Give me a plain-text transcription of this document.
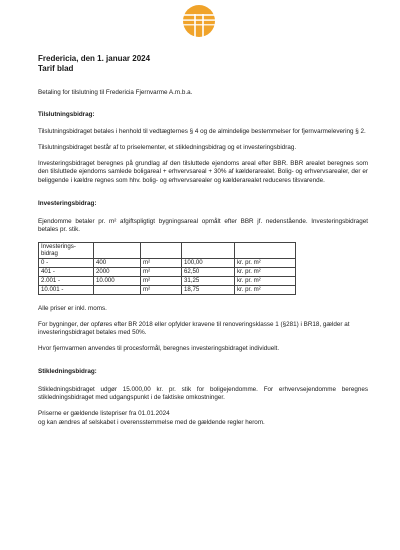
Fredericia, den 1. januar 2024
Tarif blad

Betaling for tilslutning til Fredericia Fjernvarme A.m.b.a.

Tilslutningsbidrag:

Tilslutningsbidraget betales i henhold til vedtægternes § 4 og de almindelige bestemmelser for fjernvarmelevering § 2.

Tilslutningsbidraget består af to priselementer, et stikledningsbidrag og et investeringsbidrag.

Investeringsbidraget beregnes på grundlag af den tilsluttede ejendoms areal efter BBR. BBR arealet beregnes som den tilsluttede ejendoms samlede boligareal + erhvervsareal + 30% af kælderarealet. Bolig- og erhvervsarealer, der er beliggende i kældre regnes som hhv. bolig- og erhvervsarealer og kælderarealet reduceres tilsvarende.

Investeringsbidrag:

Ejendomme betaler pr. m² afgiftspligtigt bygningsareal opmålt efter BBR jf. nedenstående. Investeringsbidraget betales pr. stik.

Investerings-bidrag				
0 -	400	m²	100,00	kr. pr. m²
401 -	2000	m²	62,50	kr. pr. m²
2.001 -	10.000	m²	31,25	kr. pr. m²
10.001 -		m²	18,75	kr. pr. m²

Alle priser er inkl. moms.

For bygninger, der opføres efter BR 2018 eller opfylder kravene til renoveringsklasse 1 (§281) i BR18, gælder at investeringsbidraget betales med 50%.

Hvor fjernvarmen anvendes til procesformål, beregnes investeringsbidraget individuelt.

Stikledningsbidrag:

Stikledningsbidraget udgør 15.000,00 kr. pr. stik for boligejendomme. For erhvervsejendomme beregnes stikledningsbidraget med udgangspunkt i de faktiske omkostninger.

Priserne er gældende listepriser fra 01.01.2024

og kan ændres af selskabet i overensstemmelse med de gældende regler herom.
